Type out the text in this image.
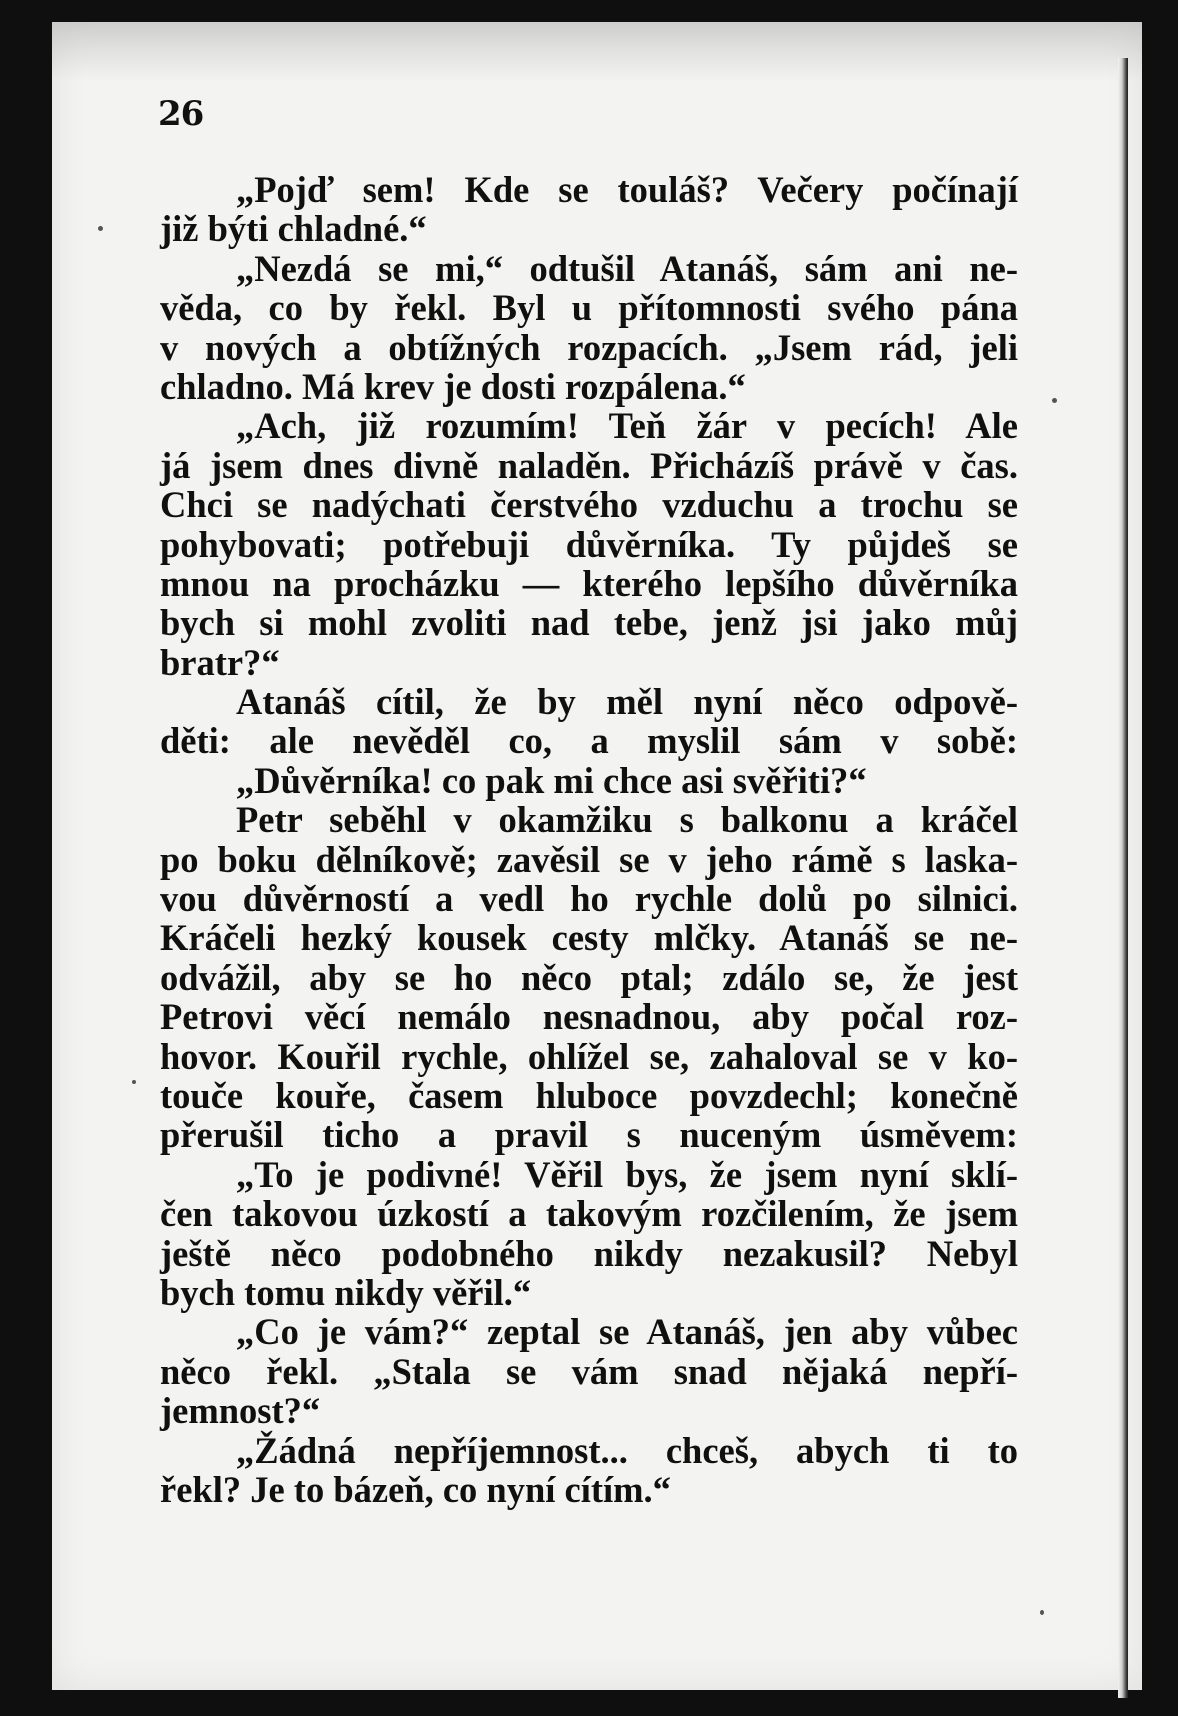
26
„Pojď sem! Kde se touláš? Večery počínají
již býti chladné.“
„Nezdá se mi,“ odtušil Atanáš, sám ani ne-
věda, co by řekl. Byl u přítomnosti svého pána
v nových a obtížných rozpacích. „Jsem rád, jeli
chladno. Má krev je dosti rozpálena.“
„Ach, již rozumím! Teň žár v pecích! Ale
já jsem dnes divně naladěn. Přicházíš právě v čas.
Chci se nadýchati čerstvého vzduchu a trochu se
pohybovati; potřebuji důvěrníka. Ty půjdeš se
mnou na procházku — kterého lepšího důvěrníka
bych si mohl zvoliti nad tebe, jenž jsi jako můj
bratr?“
Atanáš cítil, že by měl nyní něco odpově-
děti: ale nevěděl co, a myslil sám v sobě:
„Důvěrníka! co pak mi chce asi svěřiti?“
Petr seběhl v okamžiku s balkonu a kráčel
po boku dělníkově; zavěsil se v jeho rámě s laska-
vou důvěrností a vedl ho rychle dolů po silnici.
Kráčeli hezký kousek cesty mlčky. Atanáš se ne-
odvážil, aby se ho něco ptal; zdálo se, že jest
Petrovi věcí nemálo nesnadnou, aby počal roz-
hovor. Kouřil rychle, ohlížel se, zahaloval se v ko-
touče kouře, časem hluboce povzdechl; konečně
přerušil ticho a pravil s nuceným úsměvem:
„To je podivné! Věřil bys, že jsem nyní sklí-
čen takovou úzkostí a takovým rozčilením, že jsem
ještě něco podobného nikdy nezakusil? Nebyl
bych tomu nikdy věřil.“
„Co je vám?“ zeptal se Atanáš, jen aby vůbec
něco řekl. „Stala se vám snad nějaká nepří-
jemnost?“
„Žádná nepříjemnost... chceš, abych ti to
řekl? Je to bázeň, co nyní cítím.“
